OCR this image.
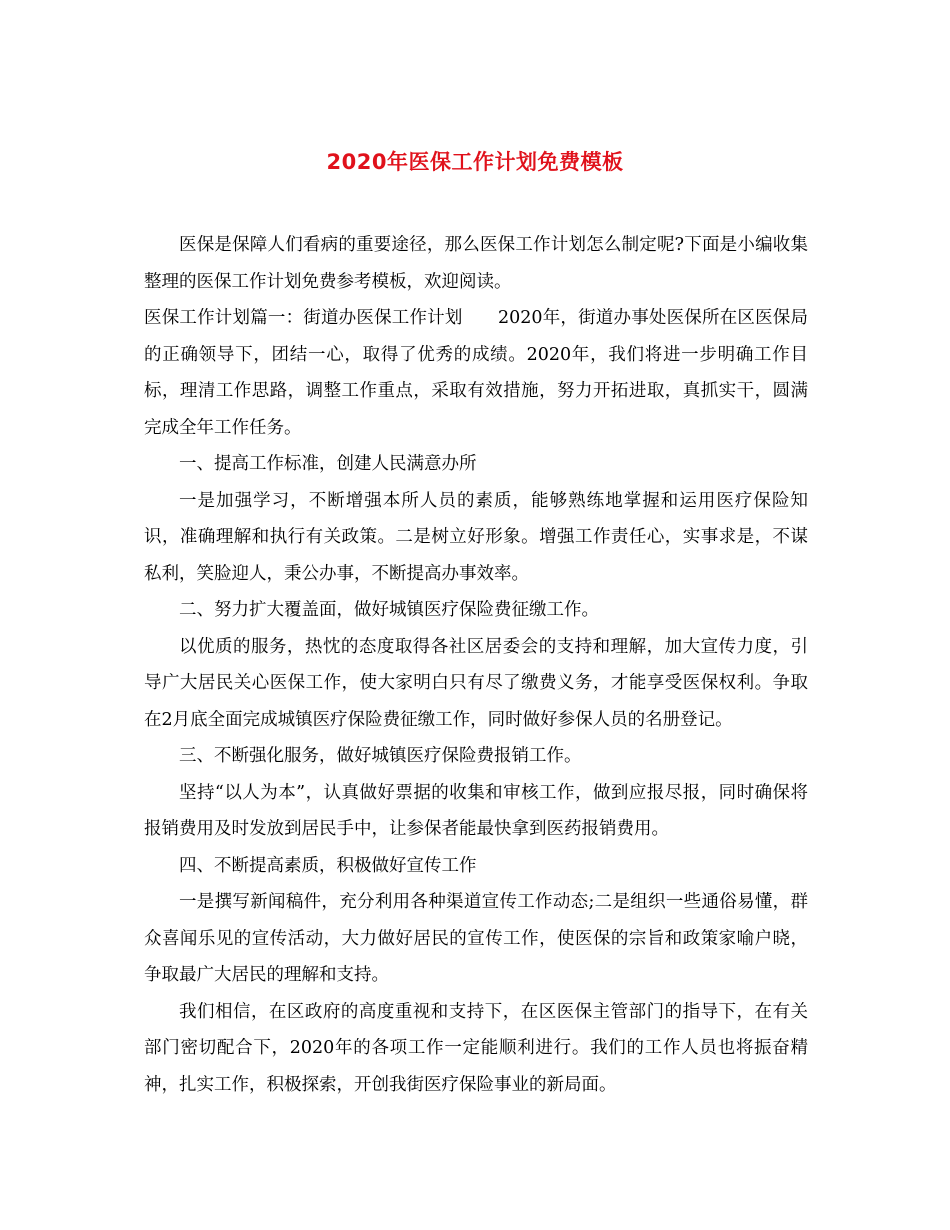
2020年医保工作计划免费模板

医保是保障人们看病的重要途径，那么医保工作计划怎么制定呢?下面是小编收集整理的医保工作计划免费参考模板，欢迎阅读。

医保工作计划篇一：街道办医保工作计划　　2020年，街道办事处医保所在区医保局的正确领导下，团结一心，取得了优秀的成绩。2020年，我们将进一步明确工作目标，理清工作思路，调整工作重点，采取有效措施，努力开拓进取，真抓实干，圆满完成全年工作任务。

一、提高工作标准，创建人民满意办所

一是加强学习，不断增强本所人员的素质，能够熟练地掌握和运用医疗保险知识，准确理解和执行有关政策。二是树立好形象。增强工作责任心，实事求是，不谋私利，笑脸迎人，秉公办事，不断提高办事效率。

二、努力扩大覆盖面，做好城镇医疗保险费征缴工作。

以优质的服务，热忱的态度取得各社区居委会的支持和理解，加大宣传力度，引导广大居民关心医保工作，使大家明白只有尽了缴费义务，才能享受医保权利。争取在2月底全面完成城镇医疗保险费征缴工作，同时做好参保人员的名册登记。

三、不断强化服务，做好城镇医疗保险费报销工作。

坚持“以人为本”，认真做好票据的收集和审核工作，做到应报尽报，同时确保将报销费用及时发放到居民手中，让参保者能最快拿到医药报销费用。

四、不断提高素质，积极做好宣传工作

一是撰写新闻稿件，充分利用各种渠道宣传工作动态;二是组织一些通俗易懂，群众喜闻乐见的宣传活动，大力做好居民的宣传工作，使医保的宗旨和政策家喻户晓，争取最广大居民的理解和支持。

我们相信，在区政府的高度重视和支持下，在区医保主管部门的指导下，在有关部门密切配合下，2020年的各项工作一定能顺利进行。我们的工作人员也将振奋精神，扎实工作，积极探索，开创我街医疗保险事业的新局面。
